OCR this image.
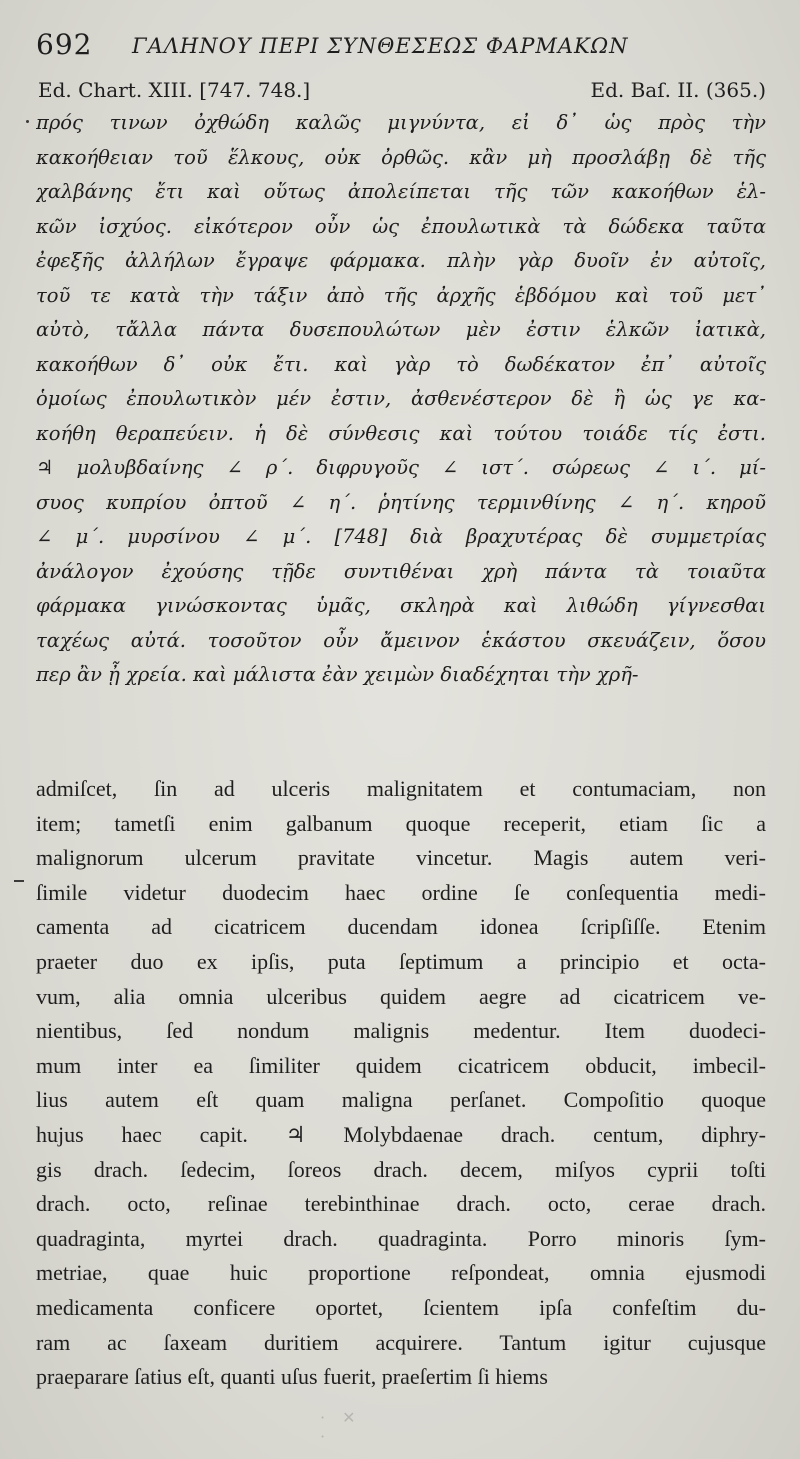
692 ΓΑΛΗΝΟΥ ΠΕΡΙ ΣΥΝΘΕΣΕΩΣ ΦΑΡΜΑΚΩΝ
Ed. Chart. XIII. [747. 748.]	Ed. Baſ. II. (365.)
πρός τινων ὀχθώδη καλῶς μιγνύντα, εἰ δ᾿ ὡς πρὸς τὴν
κακοήθειαν τοῦ ἕλκους, οὐκ ὀρθῶς. κἂν μὴ προσλάβῃ δὲ τῆς
χαλβάνης ἔτι καὶ οὕτως ἀπολείπεται τῆς τῶν κακοήθων ἑλ-
κῶν ἰσχύος. εἰκότερον οὖν ὡς ἐπουλωτικὰ τὰ δώδεκα ταῦτα
ἐφεξῆς ἀλλήλων ἔγραψε φάρμακα. πλὴν γὰρ δυοῖν ἐν αὐτοῖς,
τοῦ τε κατὰ τὴν τάξιν ἀπὸ τῆς ἀρχῆς ἑβδόμου καὶ τοῦ μετ᾿
αὐτὸ, τἄλλα πάντα δυσεπουλώτων μὲν ἐστιν ἑλκῶν ἰατικὰ,
κακοήθων δ᾿ οὐκ ἔτι. καὶ γὰρ τὸ δωδέκατον ἐπ᾿ αὐτοῖς
ὁμοίως ἐπουλωτικὸν μέν ἐστιν, ἀσθενέστερον δὲ ἢ ὡς γε κα-
κοήθη θεραπεύειν. ἡ δὲ σύνθεσις καὶ τούτου τοιάδε τίς ἐστι.
♃ μολυβδαίνης ∠ ρ΄. διφρυγοῦς ∠ ιστ΄. σώρεως ∠ ι΄. μί-
συος κυπρίου ὀπτοῦ ∠ η΄. ῥητίνης τερμινθίνης ∠ η΄. κηροῦ
∠ μ΄. μυρσίνου ∠ μ΄. [748] διὰ βραχυτέρας δὲ συμμετρίας
ἀνάλογον ἐχούσης τῇδε συντιθέναι χρὴ πάντα τὰ τοιαῦτα
φάρμακα γινώσκοντας ὑμᾶς, σκληρὰ καὶ λιθώδη γίγνεσθαι
ταχέως αὐτά. τοσοῦτον οὖν ἄμεινον ἑκάστου σκευάζειν, ὅσου
περ ἂν ᾖ χρεία. καὶ μάλιστα ἐὰν χειμὼν διαδέχηται τὴν χρῆ-
admiſcet, ſin ad ulceris malignitatem et contumaciam, non
item; tametſi enim galbanum quoque receperit, etiam ſic a
malignorum ulcerum pravitate vincetur. Magis autem veri-
ſimile videtur duodecim haec ordine ſe conſequentia medi-
camenta ad cicatricem ducendam idonea ſcripſiſſe. Etenim
praeter duo ex ipſis, puta ſeptimum a principio et octa-
vum, alia omnia ulceribus quidem aegre ad cicatricem ve-
nientibus, ſed nondum malignis medentur. Item duodeci-
mum inter ea ſimiliter quidem cicatricem obducit, imbecil-
lius autem eſt quam maligna perſanet. Compoſitio quoque
hujus haec capit. ♃ Molybdaenae drach. centum, diphry-
gis drach. ſedecim, ſoreos drach. decem, miſyos cyprii toſti
drach. octo, reſinae terebinthinae drach. octo, cerae drach.
quadraginta, myrtei drach. quadraginta. Porro minoris ſym-
metriae, quae huic proportione reſpondeat, omnia ejusmodi
medicamenta conficere oportet, ſcientem ipſa confeſtim du-
ram ac ſaxeam duritiem acquirere. Tantum igitur cujusque
praeparare ſatius eſt, quanti uſus fuerit, praeſertim ſi hiems
· ✕ ·
